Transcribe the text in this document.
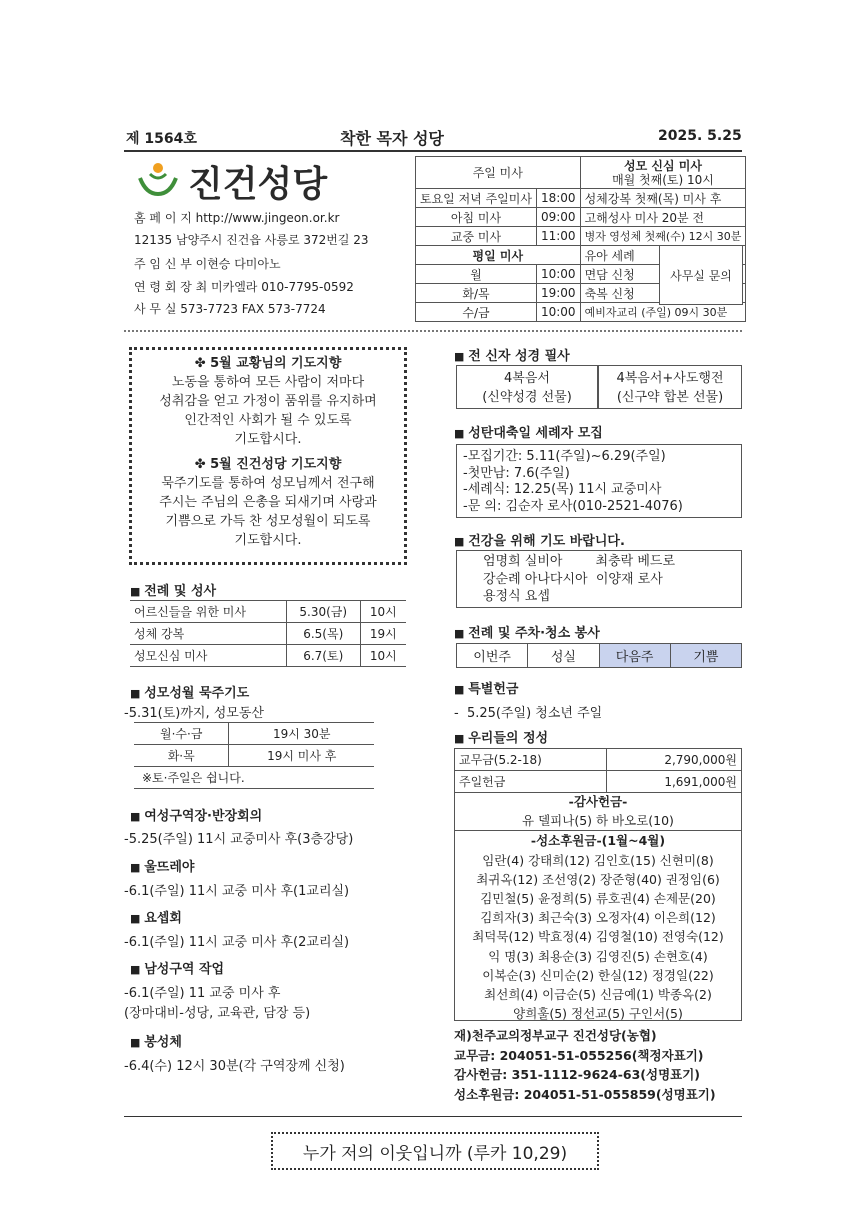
제 1564호	착한 목자 성당	2025. 5.25
진건성당
홈 페 이 지 http://www.jingeon.or.kr
12135 남양주시 진건읍 사릉로 372번길 23
주 임 신 부 이현승 다미아노
연 령 회 장 최 미카엘라 010-7795-0592
사 무 실 573-7723 FAX 573-7724
주일 미사		성모 신심 미사
매월 첫째(토) 10시

토요일 저녁 주일미사	18:00	성체강복 첫째(목) 미사 후
아침 미사	09:00	고해성사 미사 20분 전
교중 미사	11:00	병자 영성체 첫째(수) 12시 30분
평일 미사		유아 세례
월	10:00	면담 신청
화/목	19:00	축복 신청
수/금	10:00	예비자교리 (주일) 09시 30분
사무실 문의
✤ 5월 교황님의 기도지향
노동을 통하여 모든 사람이 저마다
성취감을 얻고 가정이 품위를 유지하며
인간적인 사회가 될 수 있도록
기도합시다.
✤ 5월 진건성당 기도지향
묵주기도를 통하여 성모님께서 전구해
주시는 주님의 은총을 되새기며 사랑과
기쁨으로 가득 찬 성모성월이 되도록
기도합시다.
■ 전례 및 성사
어르신들을 위한 미사	5.30(금)	10시
성체 강복	6.5(목)	19시
성모신심 미사	6.7(토)	10시
■ 성모성월 묵주기도
-5.31(토)까지, 성모동산
월·수·금	19시 30분
화·목	19시 미사 후
※토·주일은 쉽니다.	
■ 여성구역장·반장회의
-5.25(주일) 11시 교중미사 후(3층강당)
■ 울뜨레야
-6.1(주일) 11시 교중 미사 후(1교리실)
■ 요셉회
-6.1(주일) 11시 교중 미사 후(2교리실)
■ 남성구역 작업
-6.1(주일) 11 교중 미사 후
(장마대비-성당, 교육관, 담장 등)
■ 봉성체
-6.4(수) 12시 30분(각 구역장께 신청)
■ 전 신자 성경 필사
4복음서
(신약성경 선물)
4복음서+사도행전
(신구약 합본 선물)
■ 성탄대축일 세례자 모집
-모집기간: 5.11(주일)~6.29(주일)
-첫만남: 7.6(주일)
-세례식: 12.25(목) 11시 교중미사
-문 의: 김순자 로사(010-2521-4076)
■ 건강을 위해 기도 바랍니다.
엄명희 실비아        최충락 베드로
강순례 아나다시아  이양재 로사
용정식 요셉
■ 전례 및 주차·청소 봉사
이번주	성실	다음주	기쁨
■ 특별헌금
-  5.25(주일) 청소년 주일
■ 우리들의 정성
교무금(5.2-18)	2,790,000원
주일헌금	1,691,000원
-감사헌금-
유 델피나(5) 하 바오로(10)
-성소후원금-(1월~4월)
임란(4) 강태희(12) 김인호(15) 신현미(8)
최귀옥(12) 조선영(2) 장준형(40) 권정임(6)
김민철(5) 윤정희(5) 류호권(4) 손제문(20)
김희자(3) 최근숙(3) 오정자(4) 이은희(12)
최덕묵(12) 박효정(4) 김영철(10) 전영숙(12)
익 명(3) 최용순(3) 김영진(5) 손현호(4)
이복순(3) 신미순(2) 한실(12) 정경일(22)
최선희(4) 이금순(5) 신금예(1) 박종옥(2)
양희훌(5) 정선교(5) 구인서(5)
재)천주교의정부교구 진건성당(농협)
교무금: 204051-51-055256(책정자표기)
감사헌금: 351-1112-9624-63(성명표기)
성소후원금: 204051-51-055859(성명표기)
누가 저의 이웃입니까 (루카 10,29)
